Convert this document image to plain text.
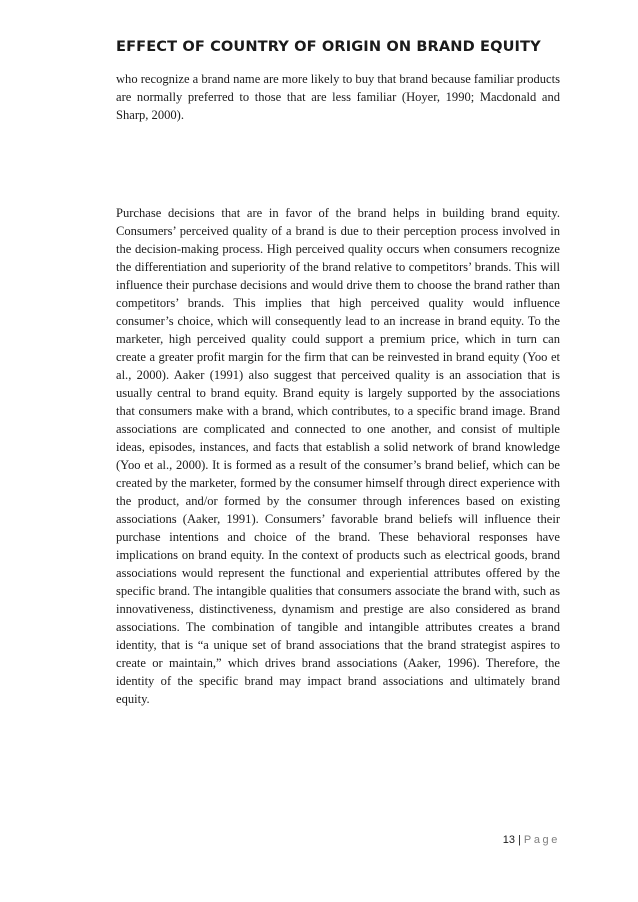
EFFECT OF COUNTRY OF ORIGIN ON BRAND EQUITY

who recognize a brand name are more likely to buy that brand because familiar products are normally preferred to those that are less familiar (Hoyer, 1990; Macdonald and Sharp, 2000).

Purchase decisions that are in favor of the brand helps in building brand equity. Consumers’ perceived quality of a brand is due to their perception process involved in the decision-making process. High perceived quality occurs when consumers recognize the differentiation and superiority of the brand relative to competitors’ brands. This will influence their purchase decisions and would drive them to choose the brand rather than competitors’ brands. This implies that high perceived quality would influence consumer’s choice, which will consequently lead to an increase in brand equity. To the marketer, high perceived quality could support a premium price, which in turn can create a greater profit margin for the firm that can be reinvested in brand equity (Yoo et al., 2000). Aaker (1991) also suggest that perceived quality is an association that is usually central to brand equity. Brand equity is largely supported by the associations that consumers make with a brand, which contributes, to a specific brand image. Brand associations are complicated and connected to one another, and consist of multiple ideas, episodes, instances, and facts that establish a solid network of brand knowledge (Yoo et al., 2000). It is formed as a result of the consumer’s brand belief, which can be created by the marketer, formed by the consumer himself through direct experience with the product, and/or formed by the consumer through inferences based on existing associations (Aaker, 1991). Consumers’ favorable brand beliefs will influence their purchase intentions and choice of the brand. These behavioral responses have implications on brand equity. In the context of products such as electrical goods, brand associations would represent the functional and experiential attributes offered by the specific brand. The intangible qualities that consumers associate the brand with, such as innovativeness, distinctiveness, dynamism and prestige are also considered as brand associations. The combination of tangible and intangible attributes creates a brand identity, that is “a unique set of brand associations that the brand strategist aspires to create or maintain,” which drives brand associations (Aaker, 1996). Therefore, the identity of the specific brand may impact brand associations and ultimately brand equity.

13 | Page
